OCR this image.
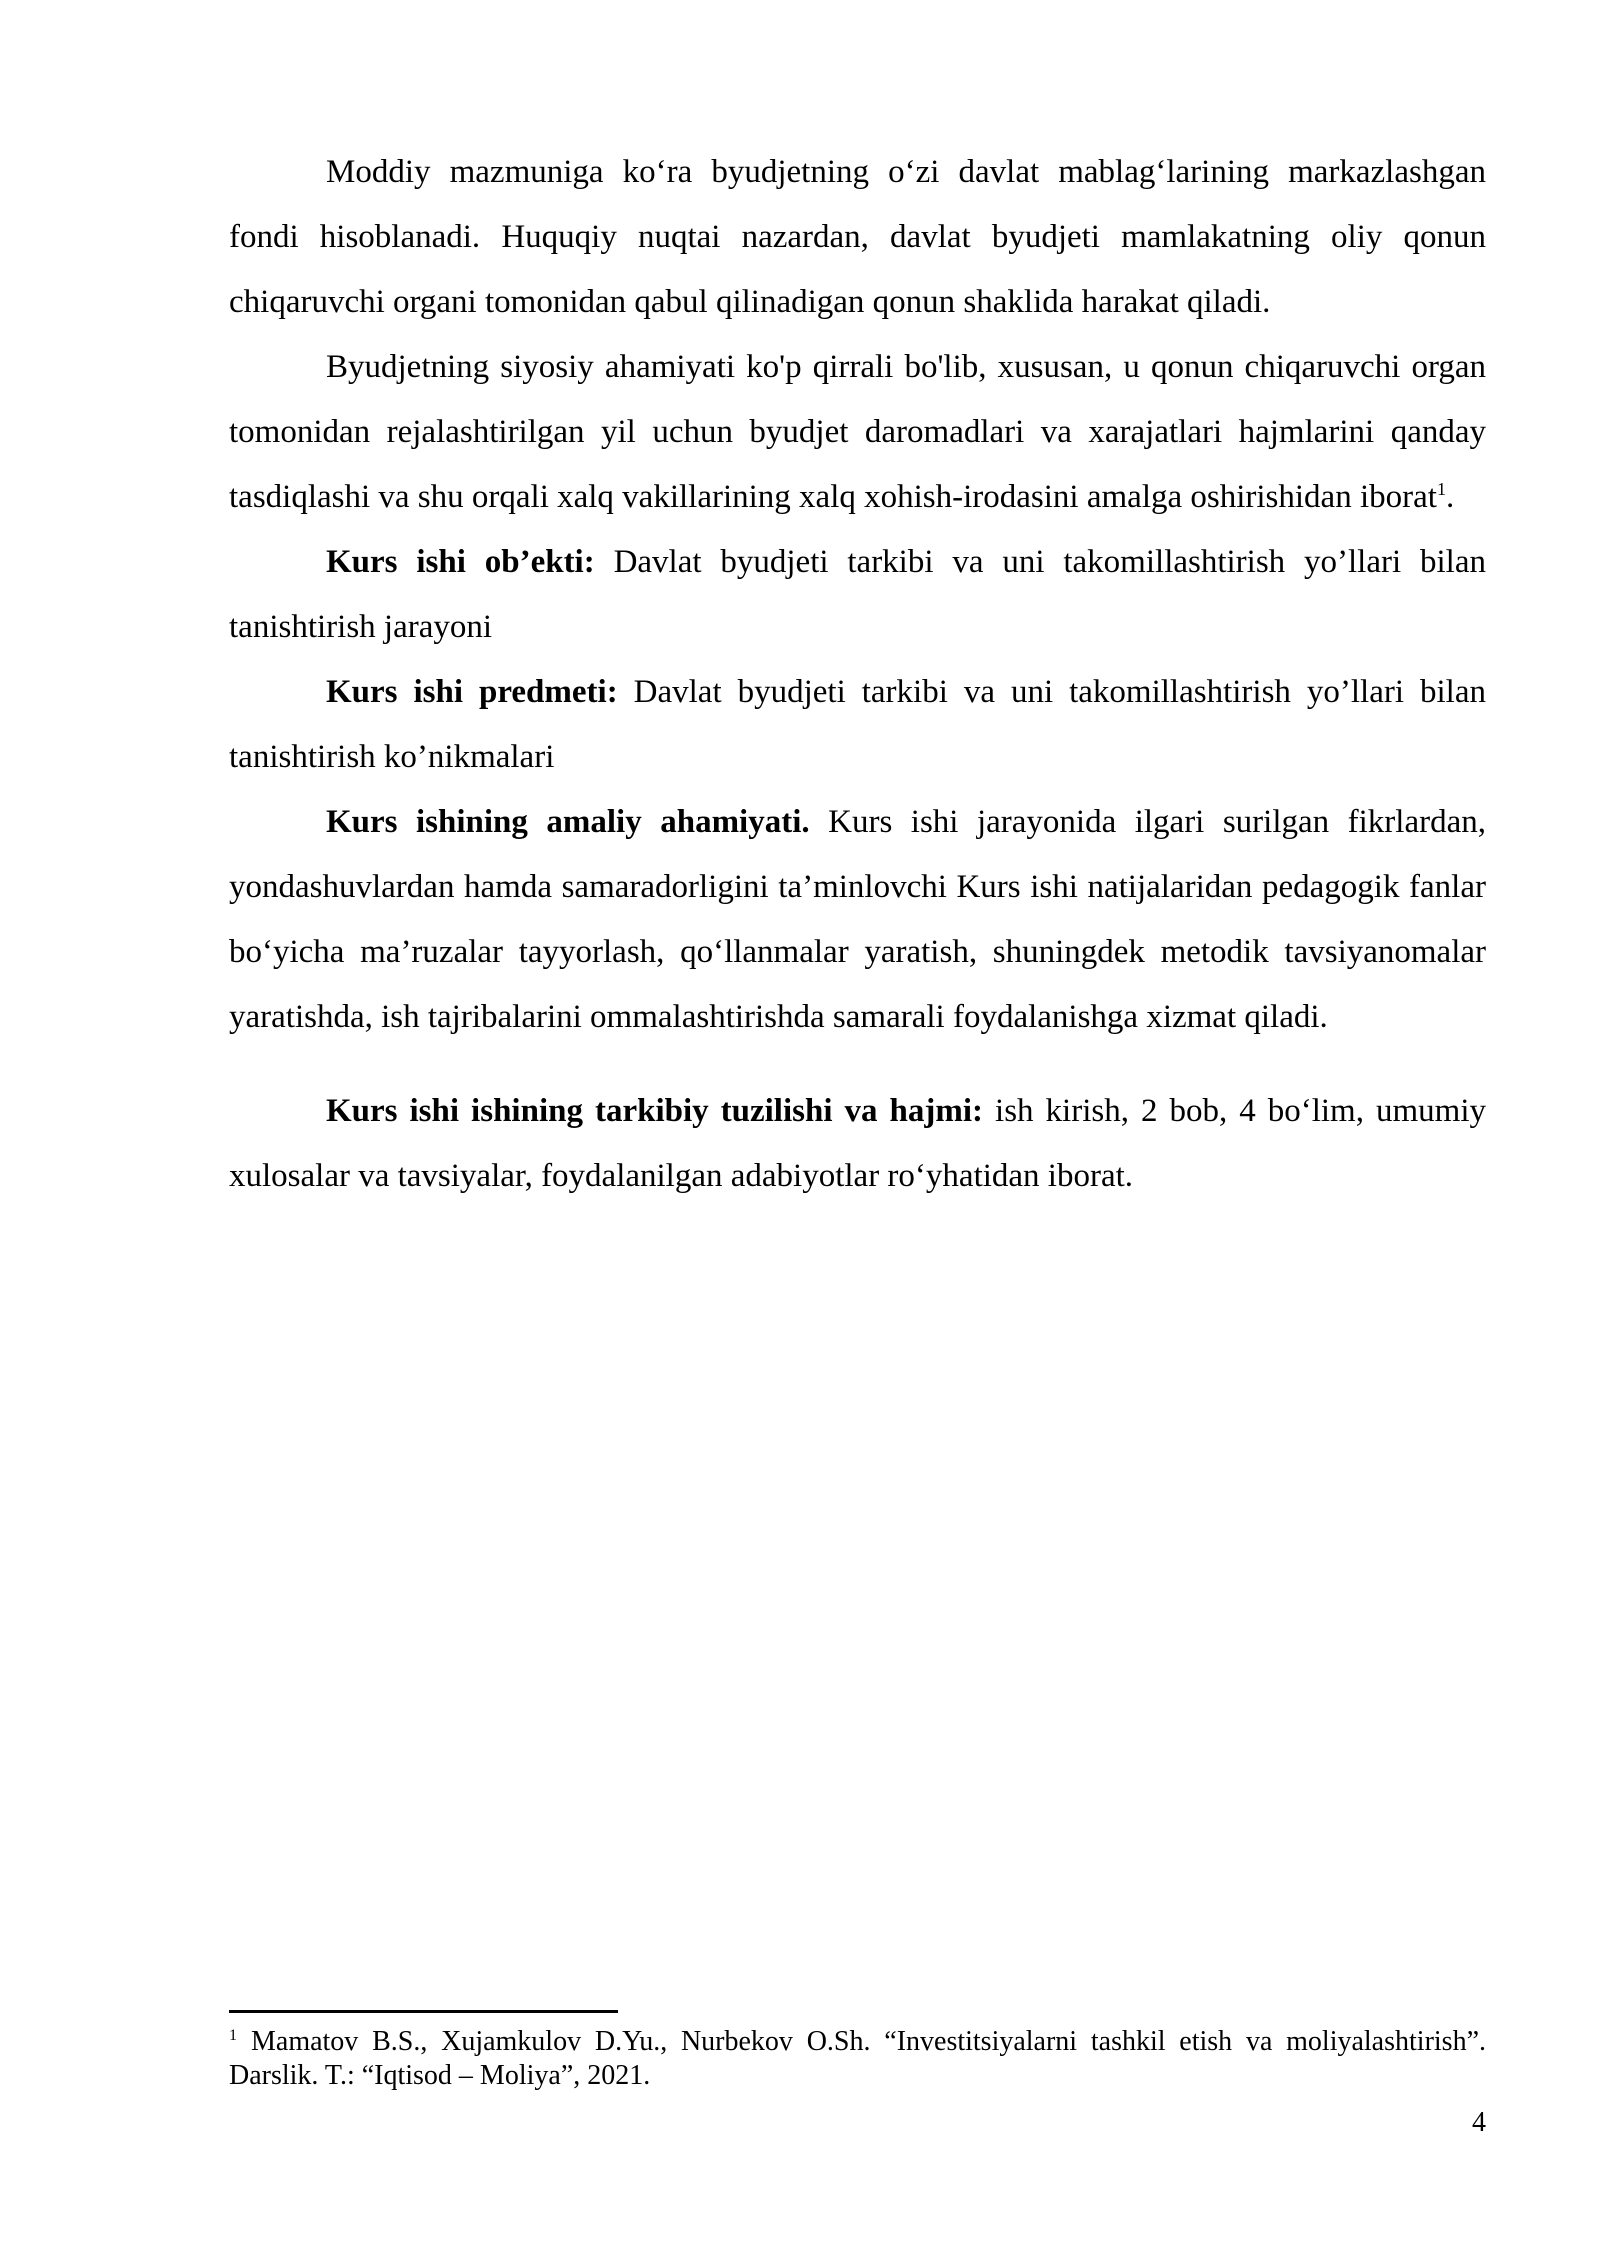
Moddiy mazmuniga ko‘ra byudjetning o‘zi davlat mablag‘larining markazlashgan fondi hisoblanadi. Huquqiy nuqtai nazardan, davlat byudjeti mamlakatning oliy qonun chiqaruvchi organi tomonidan qabul qilinadigan qonun shaklida harakat qiladi.

Byudjetning siyosiy ahamiyati ko'p qirrali bo'lib, xususan, u qonun chiqaruvchi organ tomonidan rejalashtirilgan yil uchun byudjet daromadlari va xarajatlari hajmlarini qanday tasdiqlashi va shu orqali xalq vakillarining xalq xohish-irodasini amalga oshirishidan iborat$^1$.

Kurs ishi ob’ekti: Davlat byudjeti tarkibi va uni takomillashtirish yo’llari bilan tanishtirish jarayoni

Kurs ishi predmeti: Davlat byudjeti tarkibi va uni takomillashtirish yo’llari bilan tanishtirish ko’nikmalari

Kurs ishining amaliy ahamiyati. Kurs ishi jarayonida ilgari surilgan fikrlardan, yondashuvlardan hamda samaradorligini ta’minlovchi Kurs ishi natijalaridan pedagogik fanlar bo‘yicha ma’ruzalar tayyorlash, qo‘llanmalar yaratish, shuningdek metodik tavsiyanomalar yaratishda, ish tajribalarini ommalashtirishda samarali foydalanishga xizmat qiladi.

Kurs ishi ishining tarkibiy tuzilishi va hajmi: ish kirish, 2 bob, 4 bo‘lim, umumiy xulosalar va tavsiyalar, foydalanilgan adabiyotlar ro‘yhatidan iborat.

$^1$ Mamatov B.S., Xujamkulov D.Yu., Nurbekov O.Sh. “Investitsiyalarni tashkil etish va moliyalashtirish”. Darslik. T.: “Iqtisod – Moliya”, 2021.
4
